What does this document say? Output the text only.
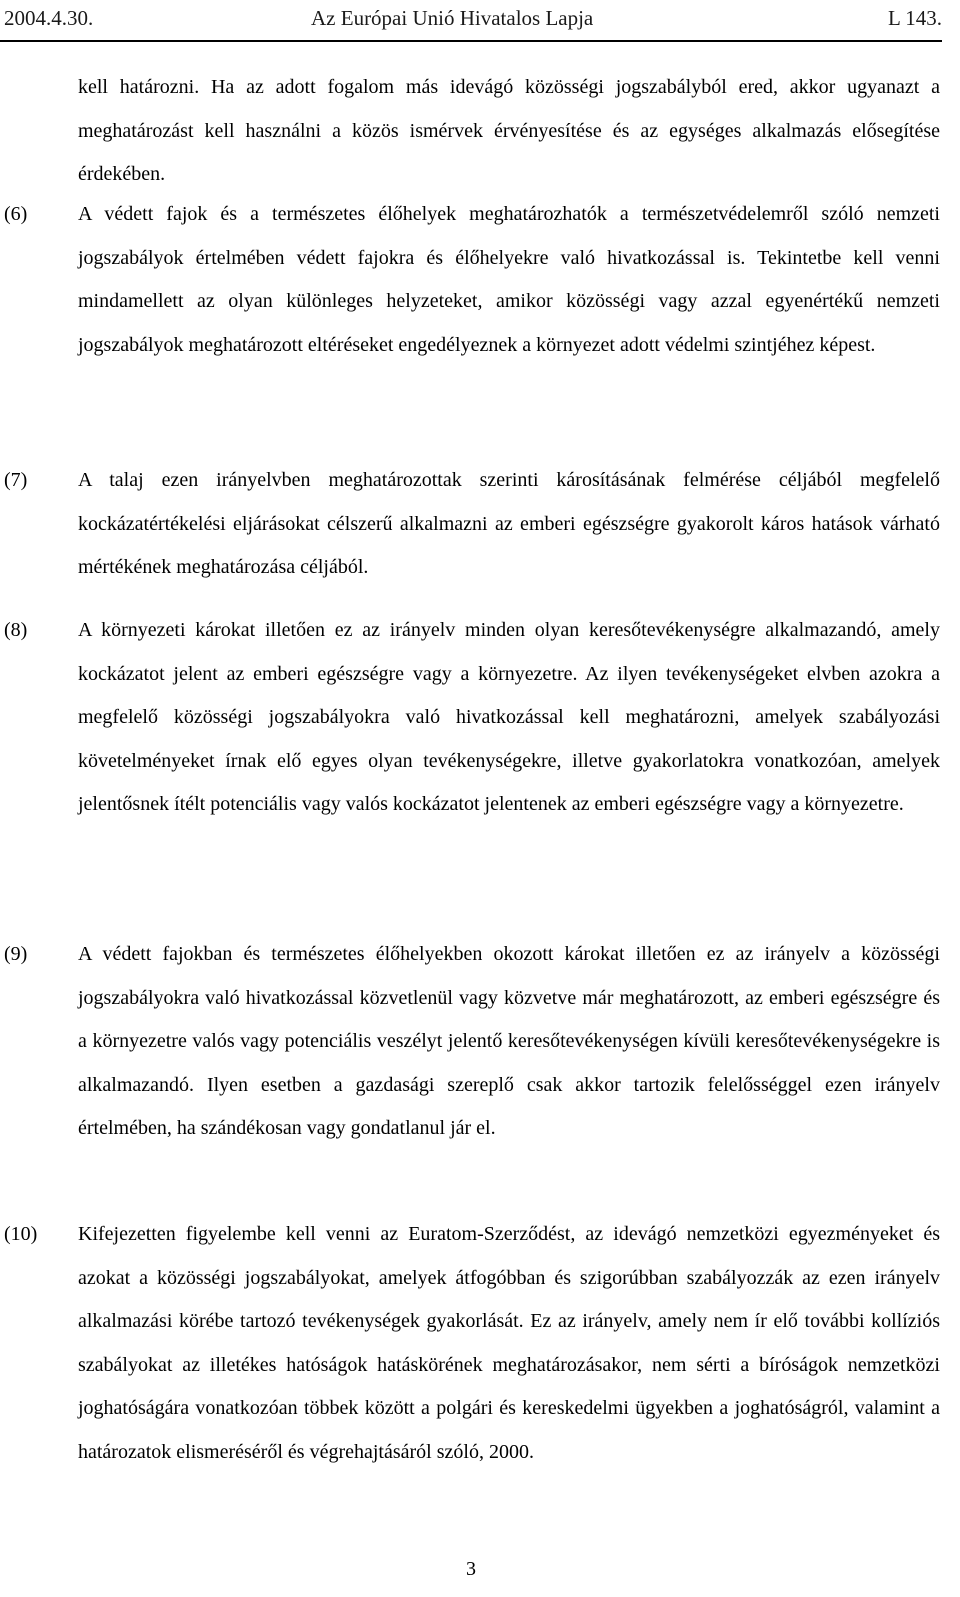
2004.4.30.	Az Európai Unió Hivatalos Lapja	L 143.
kell határozni. Ha az adott fogalom más idevágó közösségi jogszabályból ered, akkor ugyanazt a meghatározást kell használni a közös ismérvek érvényesítése és az egységes alkalmazás elősegítése érdekében.
(6)	A védett fajok és a természetes élőhelyek meghatározhatók a természetvédelemről szóló nemzeti jogszabályok értelmében védett fajokra és élőhelyekre való hivatkozással is. Tekintetbe kell venni mindamellett az olyan különleges helyzeteket, amikor közösségi vagy azzal egyenértékű nemzeti jogszabályok meghatározott eltéréseket engedélyeznek a környezet adott védelmi szintjéhez képest.
(7)	A talaj ezen irányelvben meghatározottak szerinti károsításának felmérése céljából megfelelő kockázatértékelési eljárásokat célszerű alkalmazni az emberi egészségre gyakorolt káros hatások várható mértékének meghatározása céljából.
(8)	A környezeti károkat illetően ez az irányelv minden olyan keresőtevékenységre alkalmazandó, amely kockázatot jelent az emberi egészségre vagy a környezetre. Az ilyen tevékenységeket elvben azokra a megfelelő közösségi jogszabályokra való hivatkozással kell meghatározni, amelyek szabályozási követelményeket írnak elő egyes olyan tevékenységekre, illetve gyakorlatokra vonatkozóan, amelyek jelentősnek ítélt potenciális vagy valós kockázatot jelentenek az emberi egészségre vagy a környezetre.
(9)	A védett fajokban és természetes élőhelyekben okozott károkat illetően ez az irányelv a közösségi jogszabályokra való hivatkozással közvetlenül vagy közvetve már meghatározott, az emberi egészségre és a környezetre valós vagy potenciális veszélyt jelentő keresőtevékenységen kívüli keresőtevékenységekre is alkalmazandó. Ilyen esetben a gazdasági szereplő csak akkor tartozik felelősséggel ezen irányelv értelmében, ha szándékosan vagy gondatlanul jár el.
(10) Kifejezetten figyelembe kell venni az Euratom-Szerződést, az idevágó nemzetközi egyezményeket és azokat a közösségi jogszabályokat, amelyek átfogóbban és szigorúbban szabályozzák az ezen irányelv alkalmazási körébe tartozó tevékenységek gyakorlását. Ez az irányelv, amely nem ír elő további kollíziós szabályokat az illetékes hatóságok hatáskörének meghatározásakor, nem sérti a bíróságok nemzetközi joghatóságára vonatkozóan többek között a polgári és kereskedelmi ügyekben a joghatóságról, valamint a határozatok elismeréséről és végrehajtásáról szóló, 2000.
3
